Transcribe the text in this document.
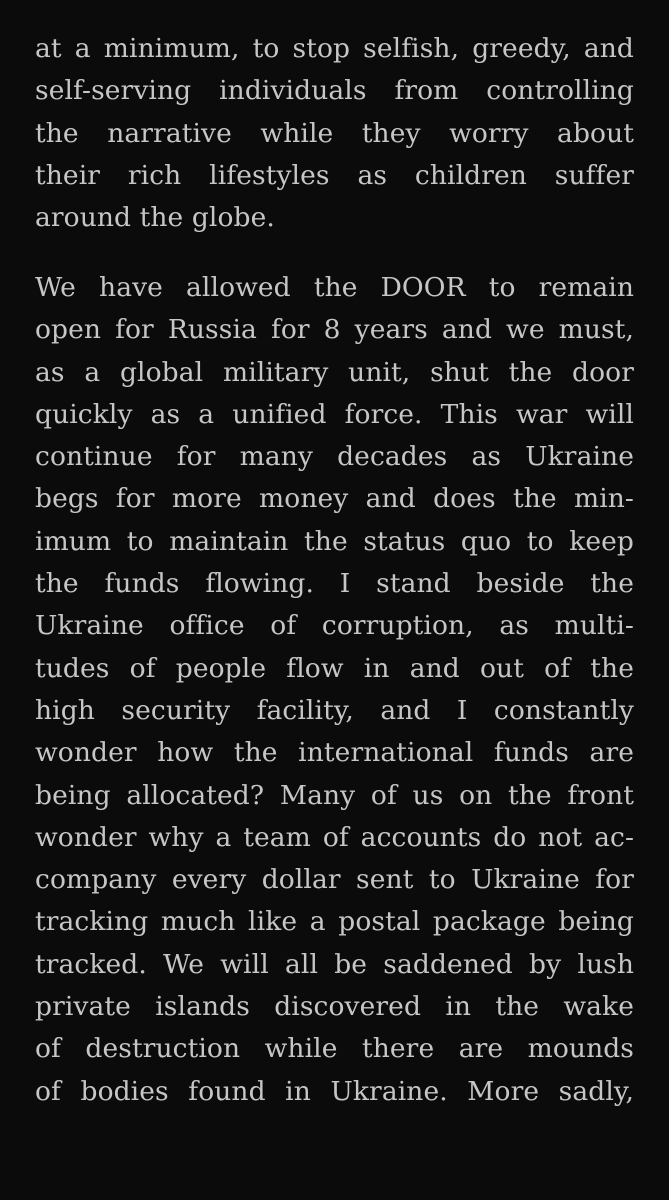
at a minimum, to stop selfish, greedy, and
self-serving individuals from controlling
the narrative while they worry about
their rich lifestyles as children suffer
around the globe.
We have allowed the DOOR to remain
open for Russia for 8 years and we must,
as a global military unit, shut the door
quickly as a unified force. This war will
continue for many decades as Ukraine
begs for more money and does the min-
imum to maintain the status quo to keep
the funds flowing. I stand beside the
Ukraine office of corruption, as multi-
tudes of people flow in and out of the
high security facility, and I constantly
wonder how the international funds are
being allocated? Many of us on the front
wonder why a team of accounts do not ac-
company every dollar sent to Ukraine for
tracking much like a postal package being
tracked. We will all be saddened by lush
private islands discovered in the wake
of destruction while there are mounds
of bodies found in Ukraine. More sadly,
